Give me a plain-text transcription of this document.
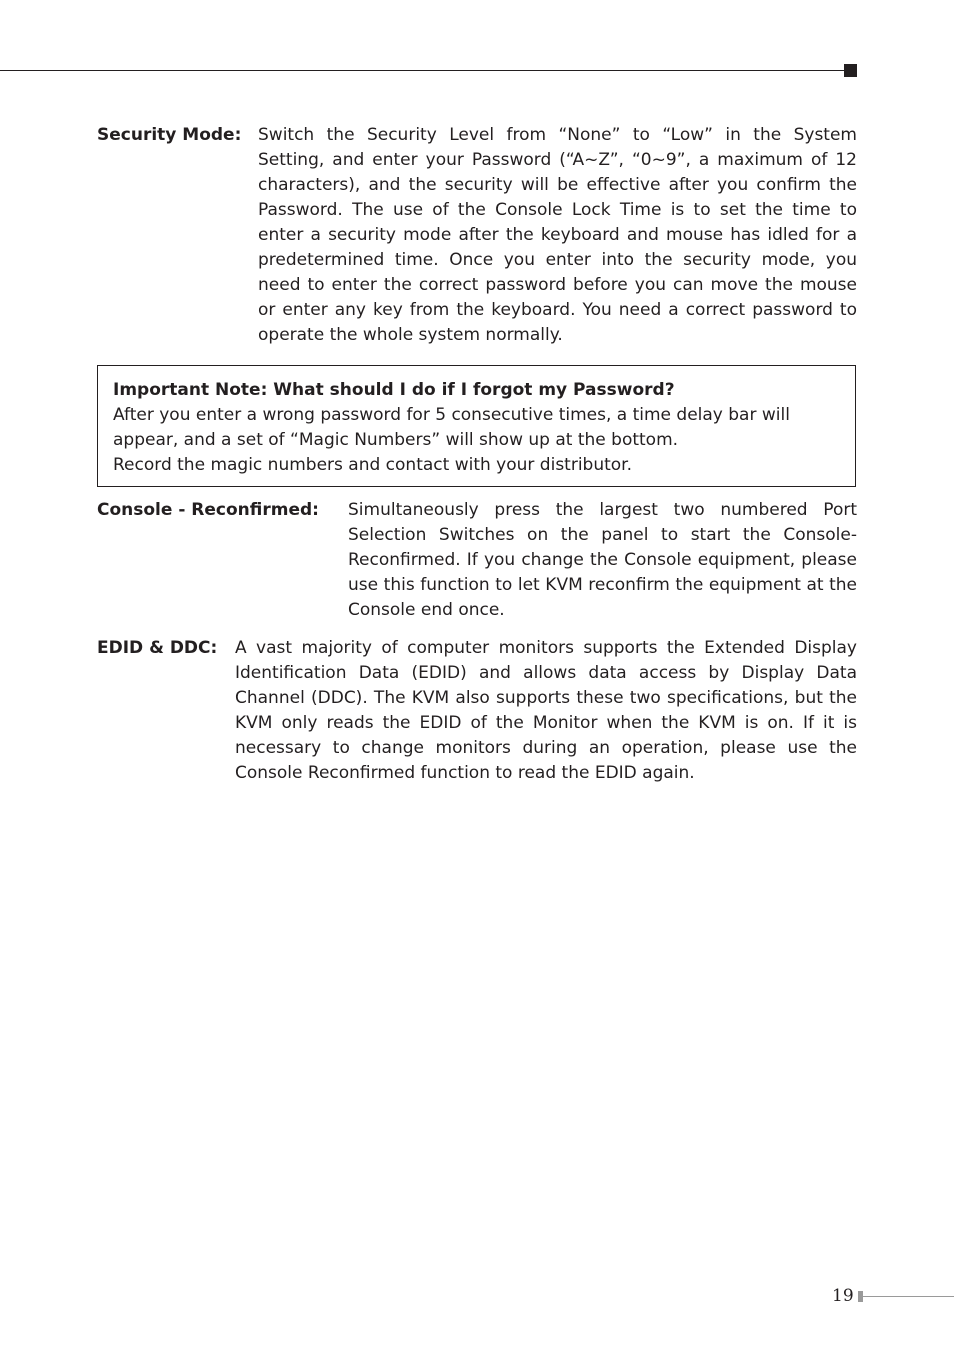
Security Mode: Switch the Security Level from “None” to “Low” in the System Setting, and enter your Password (“A~Z”, “0~9”, a maximum of 12 characters), and the security will be effective after you confirm the Password. The use of the Console Lock Time is to set the time to enter a security mode after the keyboard and mouse has idled for a predetermined time. Once you enter into the security mode, you need to enter the correct password before you can move the mouse or enter any key from the keyboard. You need a correct password to operate the whole system normally.

Important Note: What should I do if I forgot my Password?
After you enter a wrong password for 5 consecutive times, a time delay bar will appear, and a set of “Magic Numbers” will show up at the bottom.
Record the magic numbers and contact with your distributor.
Console - Reconfirmed: Simultaneously press the largest two numbered Port Selection Switches on the panel to start the Console-Reconfirmed. If you change the Console equipment, please use this function to let KVM reconfirm the equipment at the Console end once.

EDID & DDC: A vast majority of computer monitors supports the Extended Display Identification Data (EDID) and allows data access by Display Data Channel (DDC). The KVM also supports these two specifications, but the KVM only reads the EDID of the Monitor when the KVM is on. If it is necessary to change monitors during an operation, please use the Console Reconfirmed function to read the EDID again.

19
